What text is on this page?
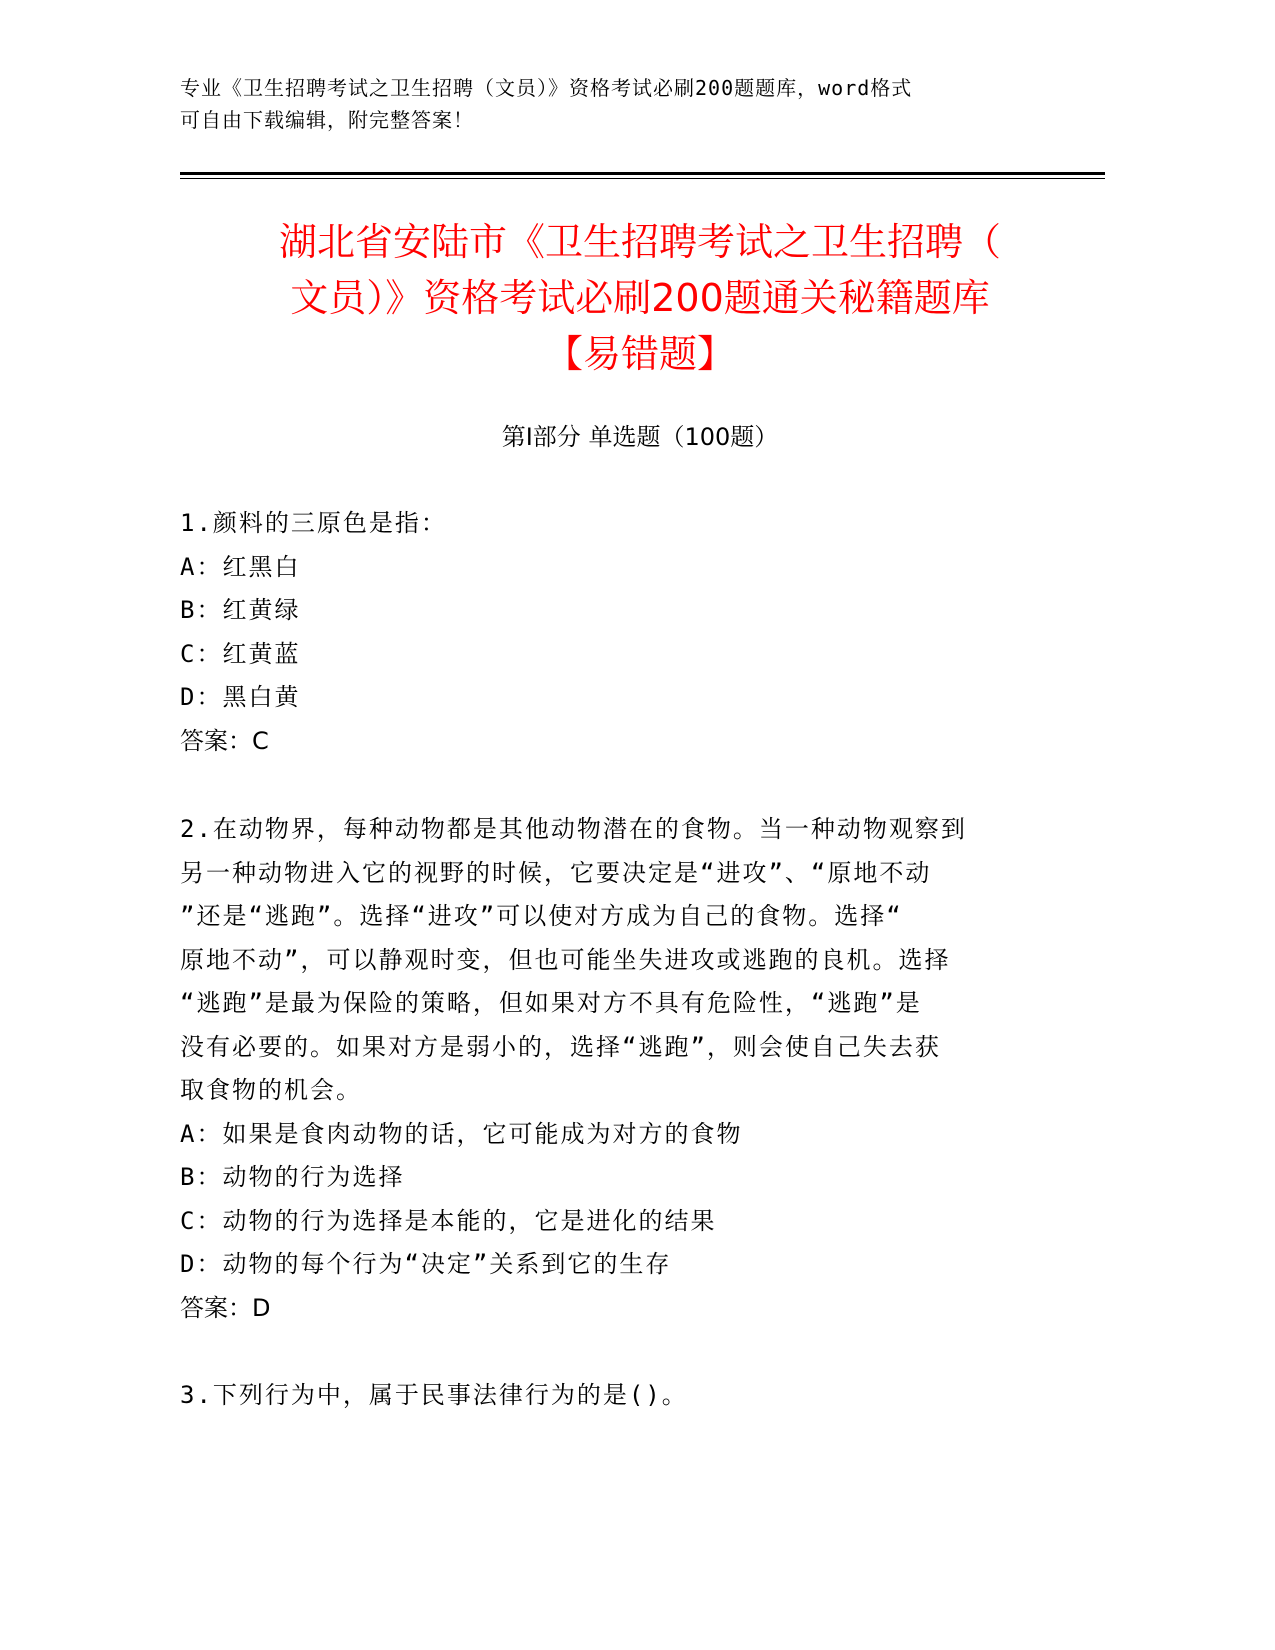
专业《卫生招聘考试之卫生招聘（文员）》资格考试必刷200题题库，word格式
可自由下载编辑，附完整答案！
湖北省安陆市《卫生招聘考试之卫生招聘（
文员）》资格考试必刷200题通关秘籍题库
【易错题】
第Ⅰ部分 单选题（100题）
1.颜料的三原色是指：
A：红黑白
B：红黄绿
C：红黄蓝
D：黑白黄
答案：C
2.在动物界，每种动物都是其他动物潜在的食物。当一种动物观察到
另一种动物进入它的视野的时候，它要决定是“进攻”、“原地不动
”还是“逃跑”。选择“进攻”可以使对方成为自己的食物。选择“
原地不动”，可以静观时变，但也可能坐失进攻或逃跑的良机。选择
“逃跑”是最为保险的策略，但如果对方不具有危险性，“逃跑”是
没有必要的。如果对方是弱小的，选择“逃跑”，则会使自己失去获
取食物的机会。
A：如果是食肉动物的话，它可能成为对方的食物
B：动物的行为选择
C：动物的行为选择是本能的，它是进化的结果
D：动物的每个行为“决定”关系到它的生存
答案：D
3.下列行为中，属于民事法律行为的是()。
